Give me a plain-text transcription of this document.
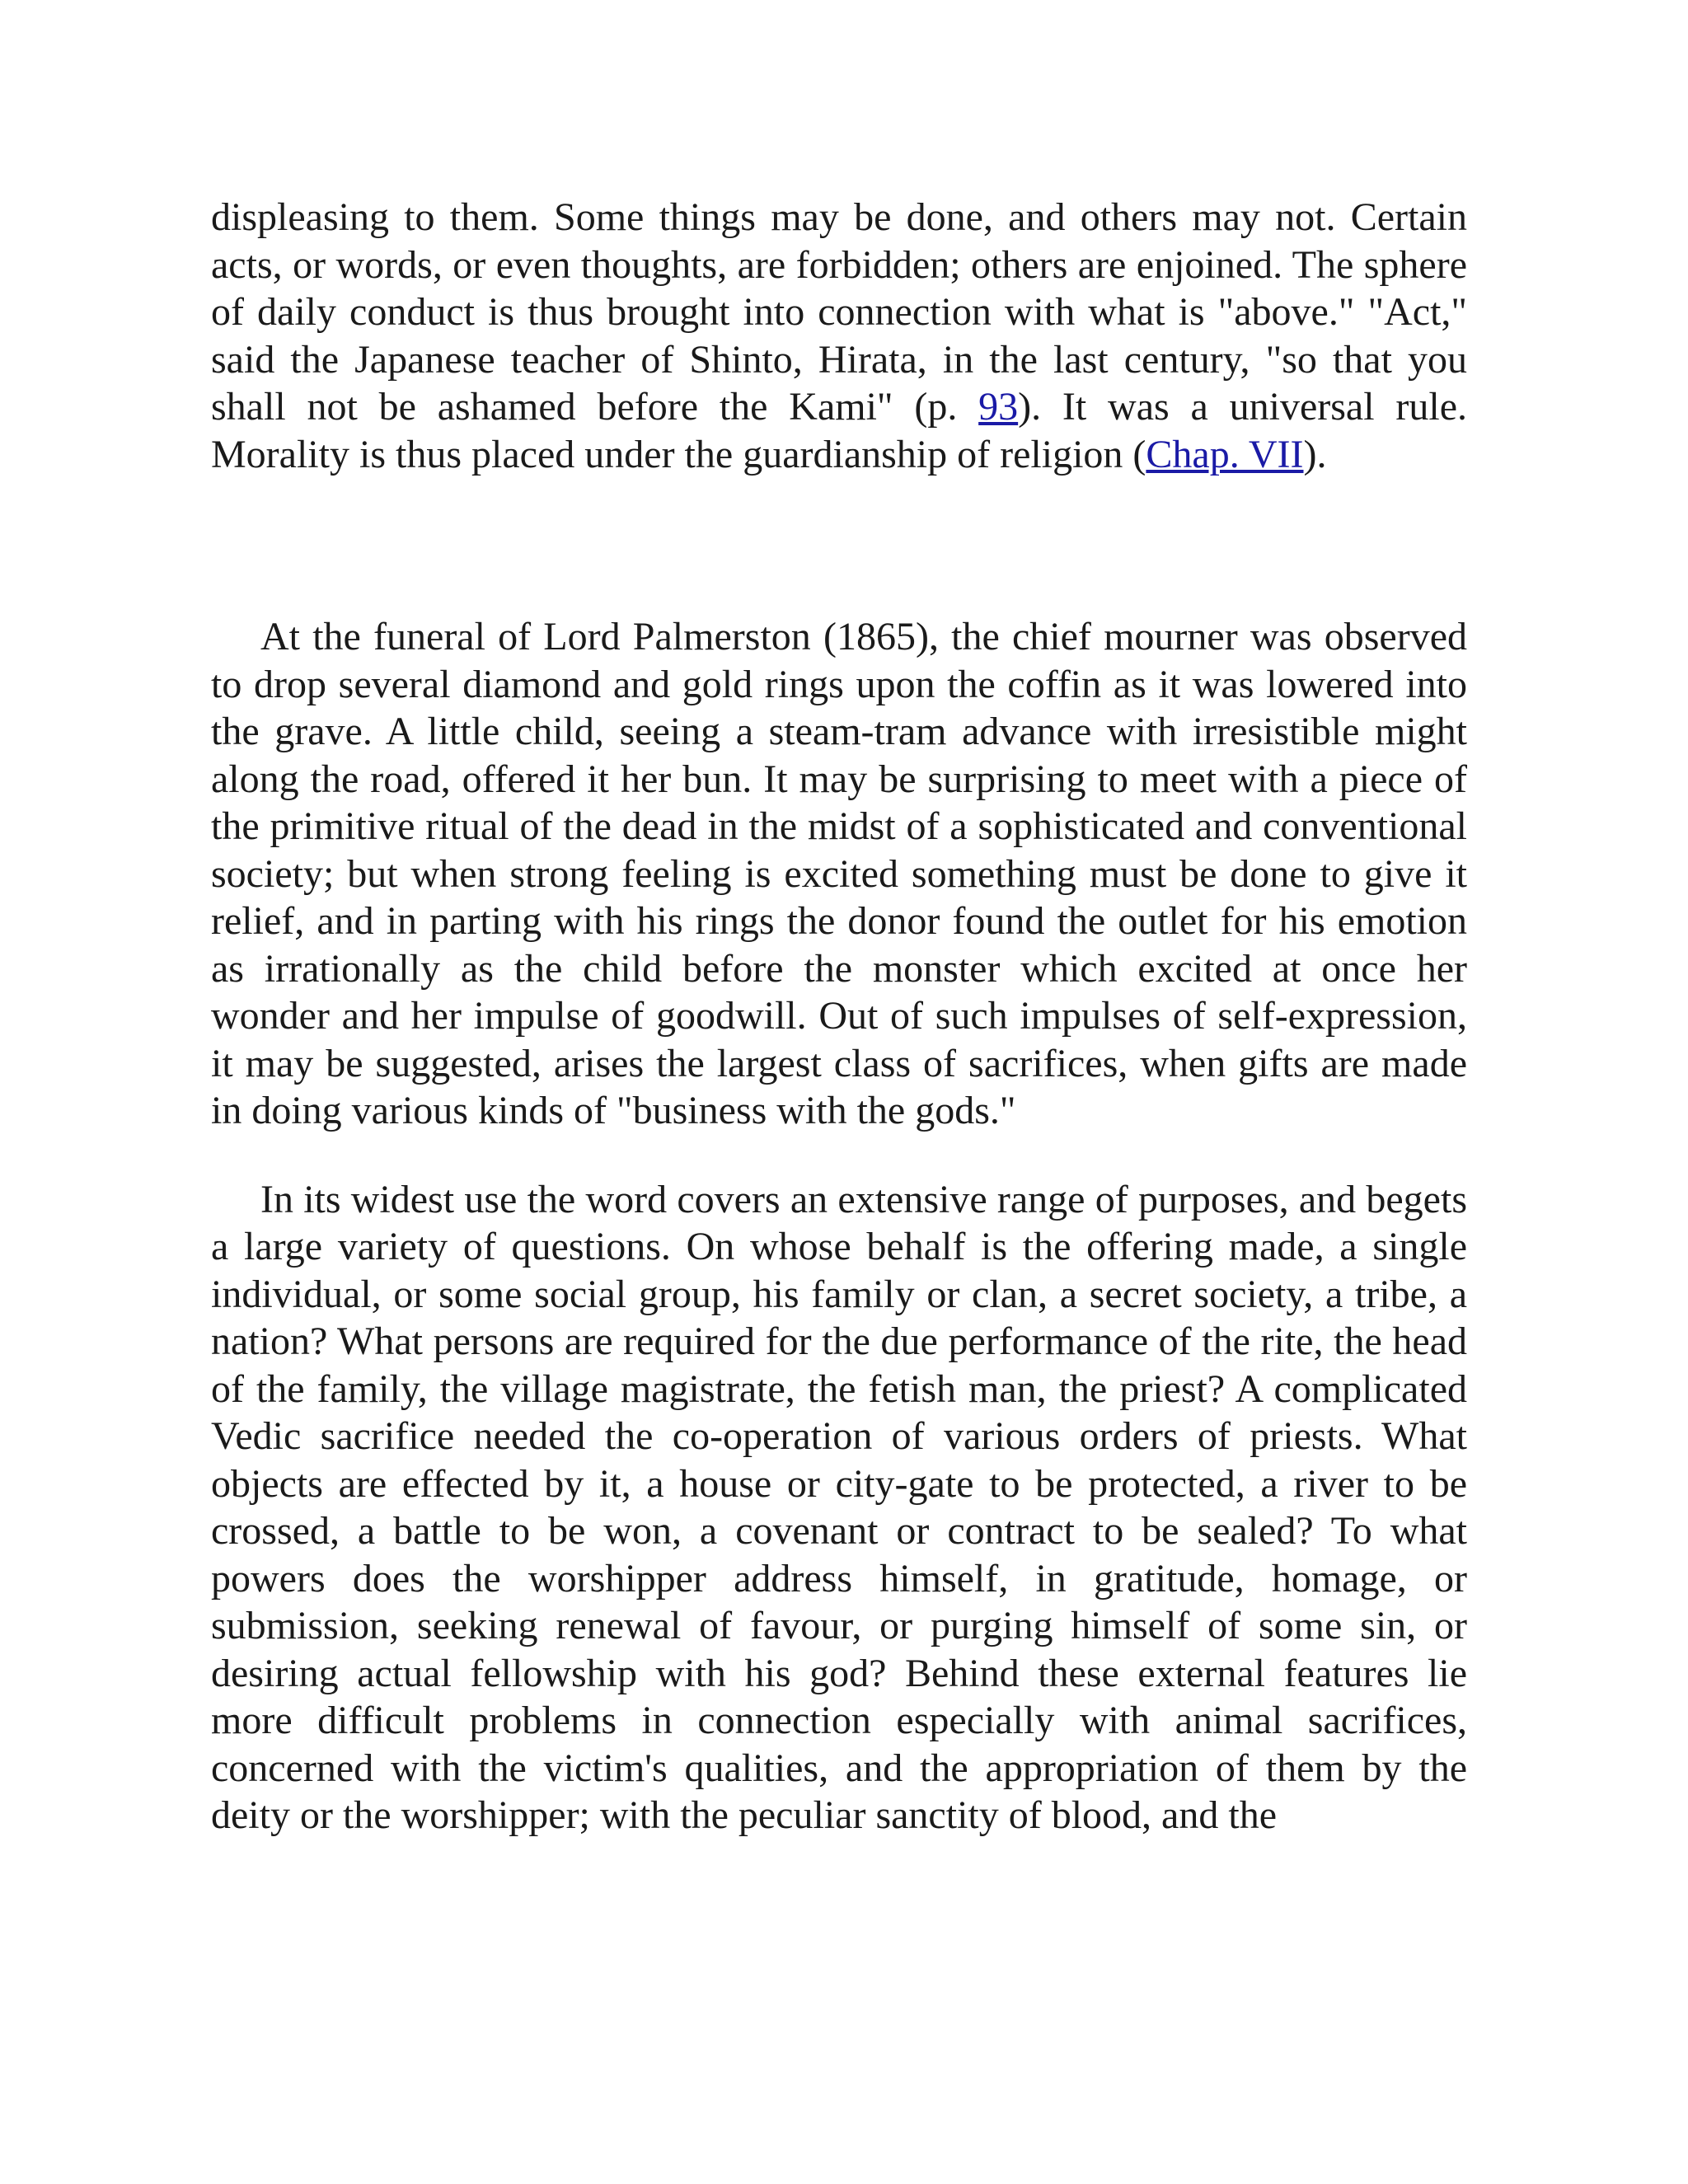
displeasing to them. Some things may be done, and others may not. Certain acts, or words, or even thoughts, are forbidden; others are enjoined. The sphere of daily conduct is thus brought into connection with what is "above." "Act," said the Japanese teacher of Shinto, Hirata, in the last century, "so that you shall not be ashamed before the Kami" (p. 93). It was a universal rule. Morality is thus placed under the guardianship of religion (Chap. VII).

At the funeral of Lord Palmerston (1865), the chief mourner was observed to drop several diamond and gold rings upon the coffin as it was lowered into the grave. A little child, seeing a steam-tram advance with irresistible might along the road, offered it her bun. It may be surprising to meet with a piece of the primitive ritual of the dead in the midst of a sophisticated and conventional society; but when strong feeling is excited something must be done to give it relief, and in parting with his rings the donor found the outlet for his emotion as irrationally as the child before the monster which excited at once her wonder and her impulse of goodwill. Out of such impulses of self-expression, it may be suggested, arises the largest class of sacrifices, when gifts are made in doing various kinds of "business with the gods."

In its widest use the word covers an extensive range of purposes, and begets a large variety of questions. On whose behalf is the offering made, a single individual, or some social group, his family or clan, a secret society, a tribe, a nation? What persons are required for the due performance of the rite, the head of the family, the village magistrate, the fetish man, the priest? A complicated Vedic sacrifice needed the co-operation of various orders of priests. What objects are effected by it, a house or city-gate to be protected, a river to be crossed, a battle to be won, a covenant or contract to be sealed? To what powers does the worshipper address himself, in gratitude, homage, or submission, seeking renewal of favour, or purging himself of some sin, or desiring actual fellowship with his god? Behind these external features lie more difficult problems in connection especially with animal sacrifices, concerned with the victim's qualities, and the appropriation of them by the deity or the worshipper; with the peculiar sanctity of blood, and the
